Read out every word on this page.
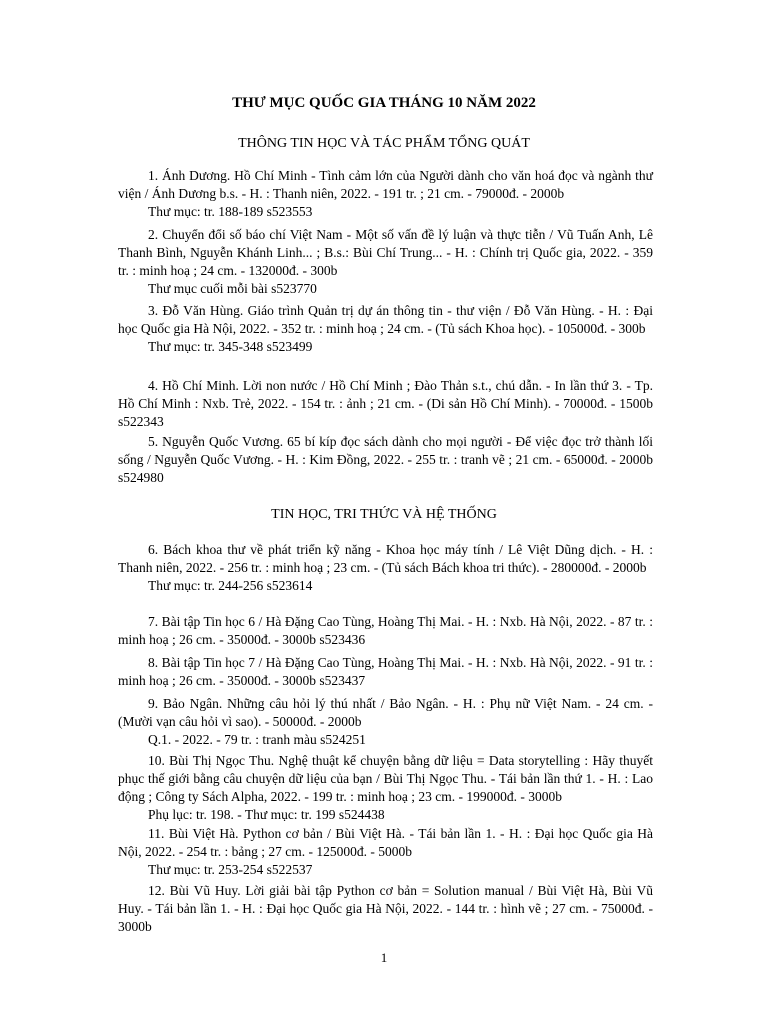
THƯ MỤC QUỐC GIA THÁNG 10 NĂM 2022
THÔNG TIN HỌC VÀ TÁC PHẨM TỔNG QUÁT
1. Ánh Dương. Hồ Chí Minh - Tình cảm lớn của Người dành cho văn hoá đọc và ngành thư viện / Ánh Dương b.s. - H. : Thanh niên, 2022. - 191 tr. ; 21 cm. - 79000đ. - 2000b
Thư mục: tr. 188-189 s523553
2. Chuyển đổi số báo chí Việt Nam - Một số vấn đề lý luận và thực tiễn / Vũ Tuấn Anh, Lê Thanh Bình, Nguyễn Khánh Linh... ; B.s.: Bùi Chí Trung... - H. : Chính trị Quốc gia, 2022. - 359 tr. : minh hoạ ; 24 cm. - 132000đ. - 300b
Thư mục cuối mỗi bài s523770
3. Đỗ Văn Hùng. Giáo trình Quản trị dự án thông tin - thư viện / Đỗ Văn Hùng. - H. : Đại học Quốc gia Hà Nội, 2022. - 352 tr. : minh hoạ ; 24 cm. - (Tủ sách Khoa học). - 105000đ. - 300b
Thư mục: tr. 345-348 s523499
4. Hồ Chí Minh. Lời non nước / Hồ Chí Minh ; Đào Thản s.t., chú dẫn. - In lần thứ 3. - Tp. Hồ Chí Minh : Nxb. Trẻ, 2022. - 154 tr. : ảnh ; 21 cm. - (Di sản Hồ Chí Minh). - 70000đ. - 1500b s522343
5. Nguyễn Quốc Vương. 65 bí kíp đọc sách dành cho mọi người - Để việc đọc trở thành lối sống / Nguyễn Quốc Vương. - H. : Kim Đồng, 2022. - 255 tr. : tranh vẽ ; 21 cm. - 65000đ. - 2000b s524980
TIN HỌC, TRI THỨC VÀ HỆ THỐNG
6. Bách khoa thư về phát triển kỹ năng - Khoa học máy tính / Lê Việt Dũng dịch. - H. : Thanh niên, 2022. - 256 tr. : minh hoạ ; 23 cm. - (Tủ sách Bách khoa tri thức). - 280000đ. - 2000b
Thư mục: tr. 244-256 s523614
7. Bài tập Tin học 6 / Hà Đặng Cao Tùng, Hoàng Thị Mai. - H. : Nxb. Hà Nội, 2022. - 87 tr. : minh hoạ ; 26 cm. - 35000đ. - 3000b s523436
8. Bài tập Tin học 7 / Hà Đặng Cao Tùng, Hoàng Thị Mai. - H. : Nxb. Hà Nội, 2022. - 91 tr. : minh hoạ ; 26 cm. - 35000đ. - 3000b s523437
9. Bảo Ngân. Những câu hỏi lý thú nhất / Bảo Ngân. - H. : Phụ nữ Việt Nam. - 24 cm. - (Mười vạn câu hỏi vì sao). - 50000đ. - 2000b
Q.1. - 2022. - 79 tr. : tranh màu s524251
10. Bùi Thị Ngọc Thu. Nghệ thuật kể chuyện bằng dữ liệu = Data storytelling : Hãy thuyết phục thế giới bằng câu chuyện dữ liệu của bạn / Bùi Thị Ngọc Thu. - Tái bản lần thứ 1. - H. : Lao động ; Công ty Sách Alpha, 2022. - 199 tr. : minh hoạ ; 23 cm. - 199000đ. - 3000b
Phụ lục: tr. 198. - Thư mục: tr. 199 s524438
11. Bùi Việt Hà. Python cơ bản / Bùi Việt Hà. - Tái bản lần 1. - H. : Đại học Quốc gia Hà Nội, 2022. - 254 tr. : bảng ; 27 cm. - 125000đ. - 5000b
Thư mục: tr. 253-254 s522537
12. Bùi Vũ Huy. Lời giải bài tập Python cơ bản = Solution manual / Bùi Việt Hà, Bùi Vũ Huy. - Tái bản lần 1. - H. : Đại học Quốc gia Hà Nội, 2022. - 144 tr. : hình vẽ ; 27 cm. - 75000đ. - 3000b
1
